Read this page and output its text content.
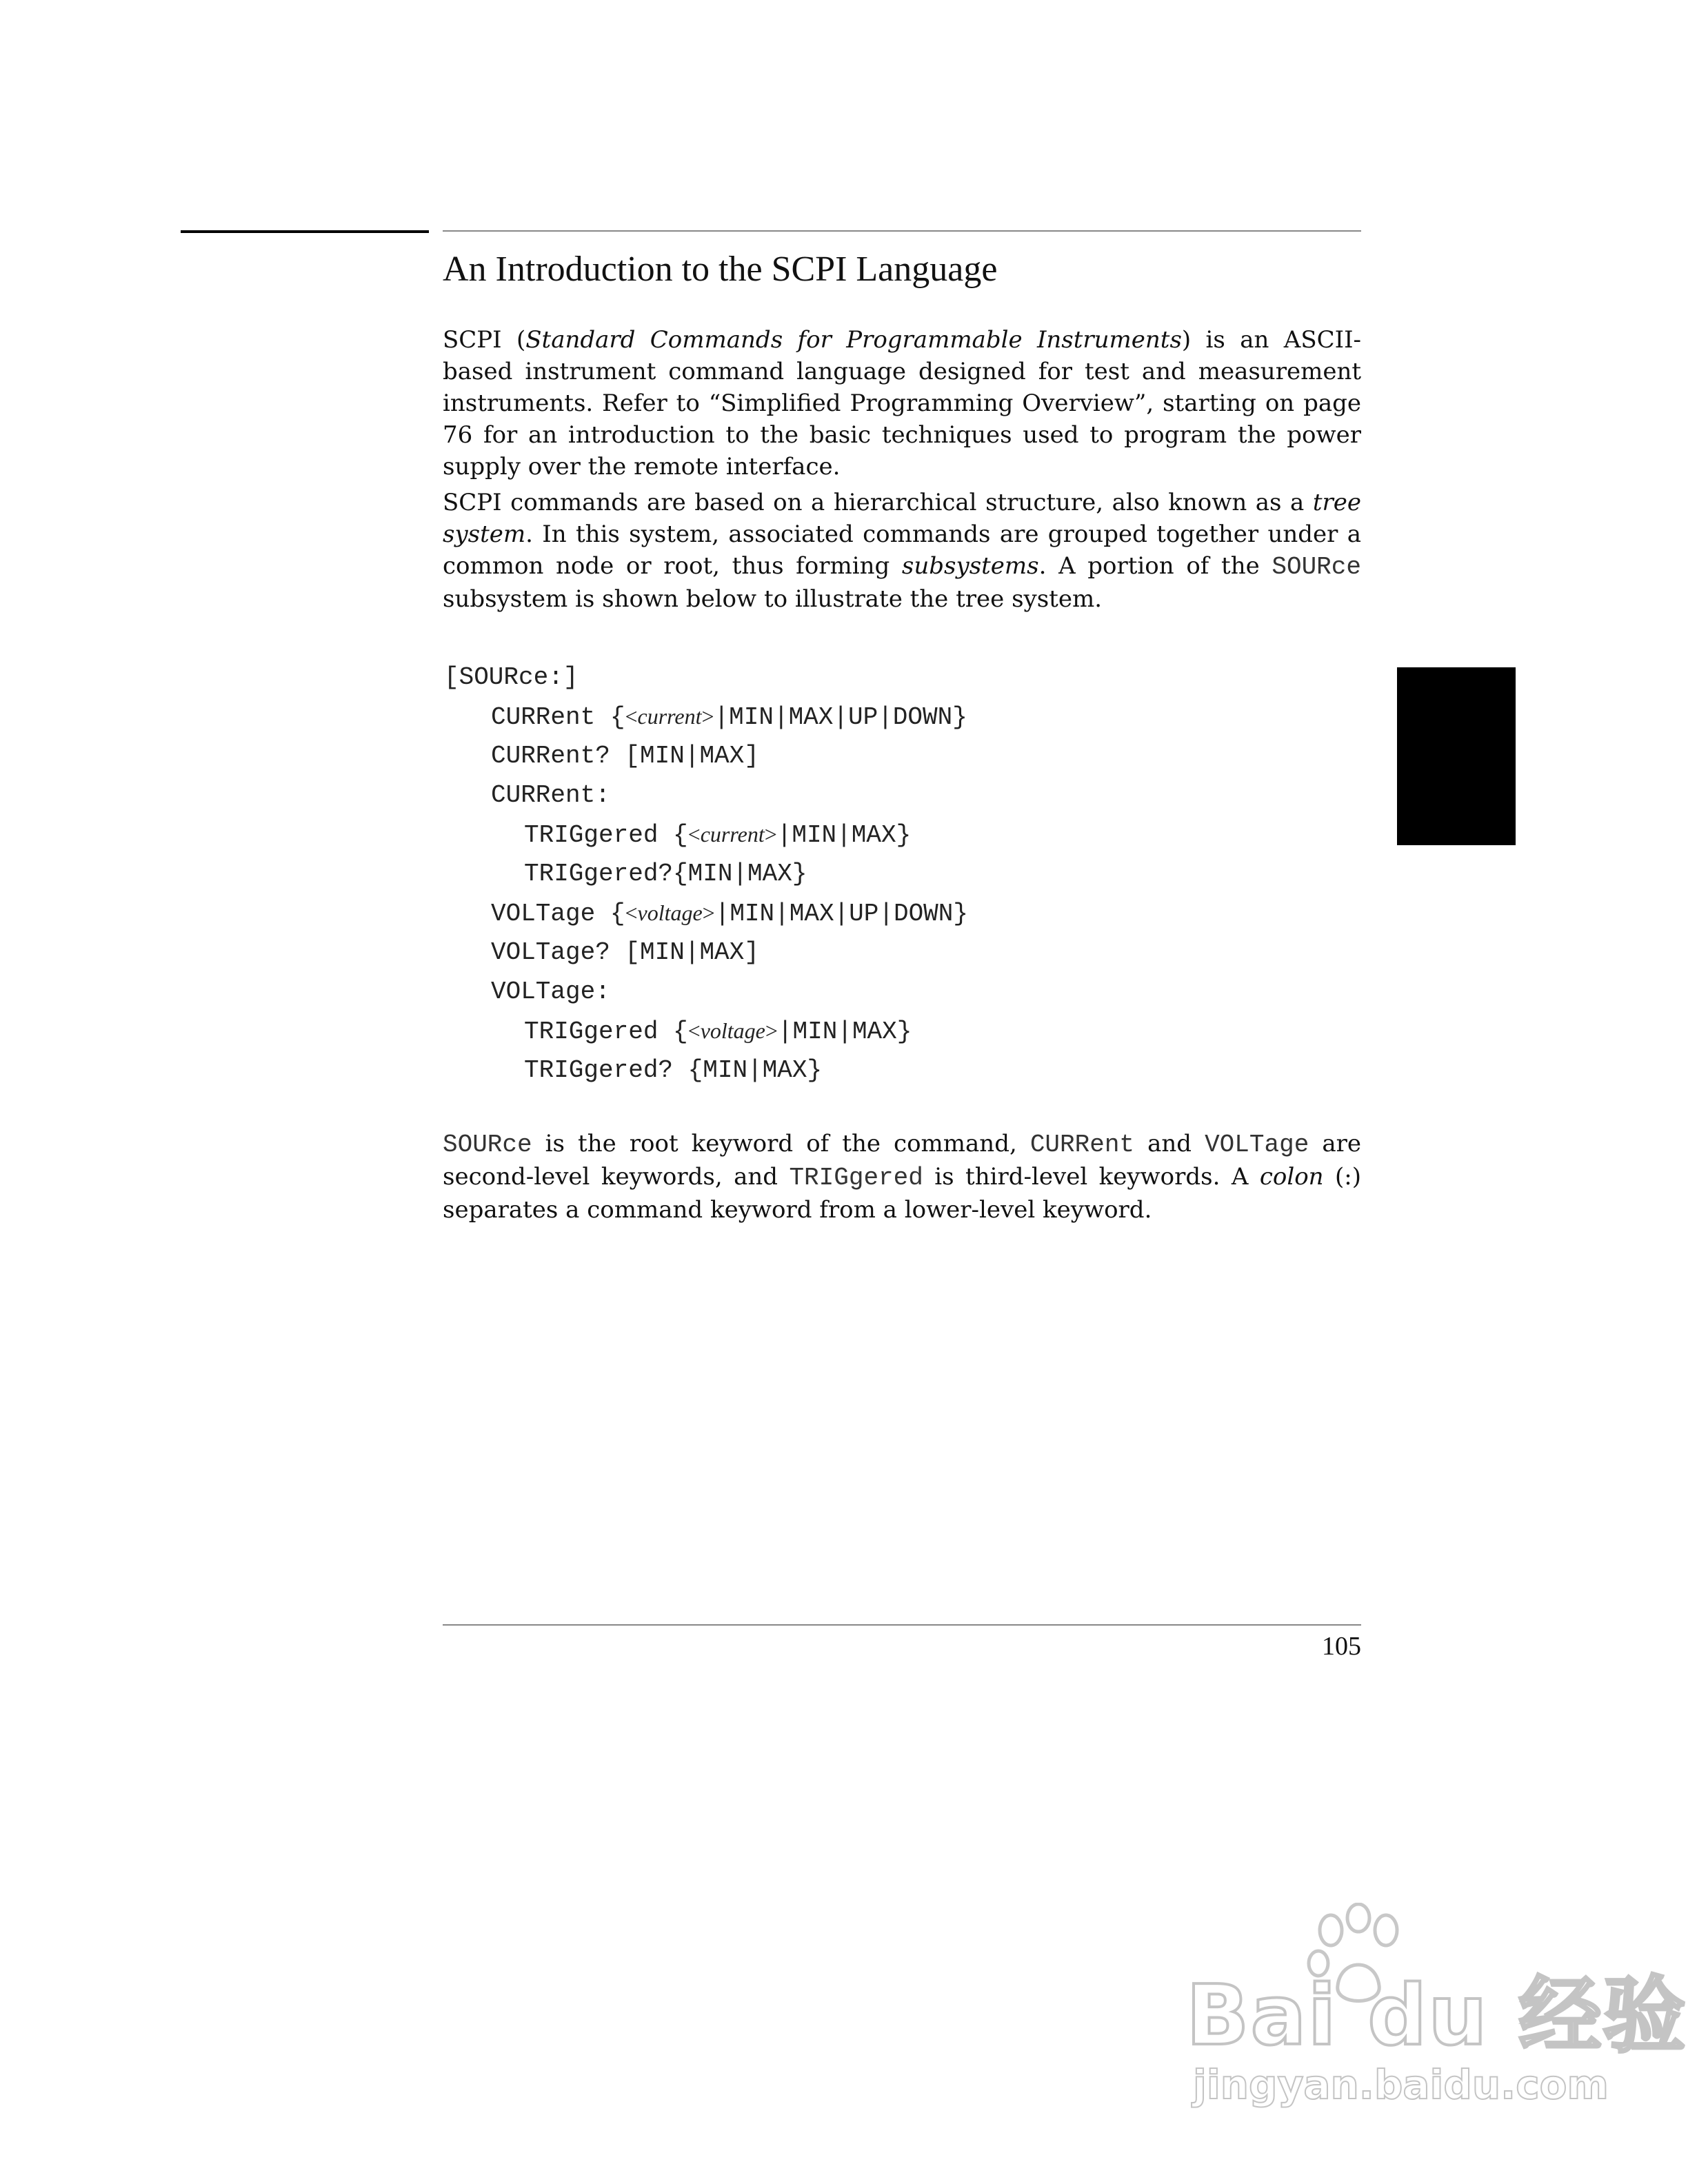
An Introduction to the SCPI Language

SCPI (Standard Commands for Programmable Instruments) is an ASCII-based instrument command language designed for test and measurement instruments. Refer to “Simplified Programming Overview”, starting on page 76 for an introduction to the basic techniques used to program the power supply over the remote interface.

SCPI commands are based on a hierarchical structure, also known as a tree system. In this system, associated commands are grouped together under a common node or root, thus forming subsystems. A portion of the SOURce subsystem is shown below to illustrate the tree system.

[SOURce:]
CURRent {<current>|MIN|MAX|UP|DOWN}
CURRent? [MIN|MAX]
CURRent:
TRIGgered {<current>|MIN|MAX}
TRIGgered?{MIN|MAX}
VOLTage {<voltage>|MIN|MAX|UP|DOWN}
VOLTage? [MIN|MAX]
VOLTage:
TRIGgered {<voltage>|MIN|MAX}
TRIGgered? {MIN|MAX}

SOURce is the root keyword of the command, CURRent and VOLTage are second-level keywords, and TRIGgered is third-level keywords. A colon (:) separates a command keyword from a lower-level keyword.

105
Bai du 经验
jingyan.baidu.com
